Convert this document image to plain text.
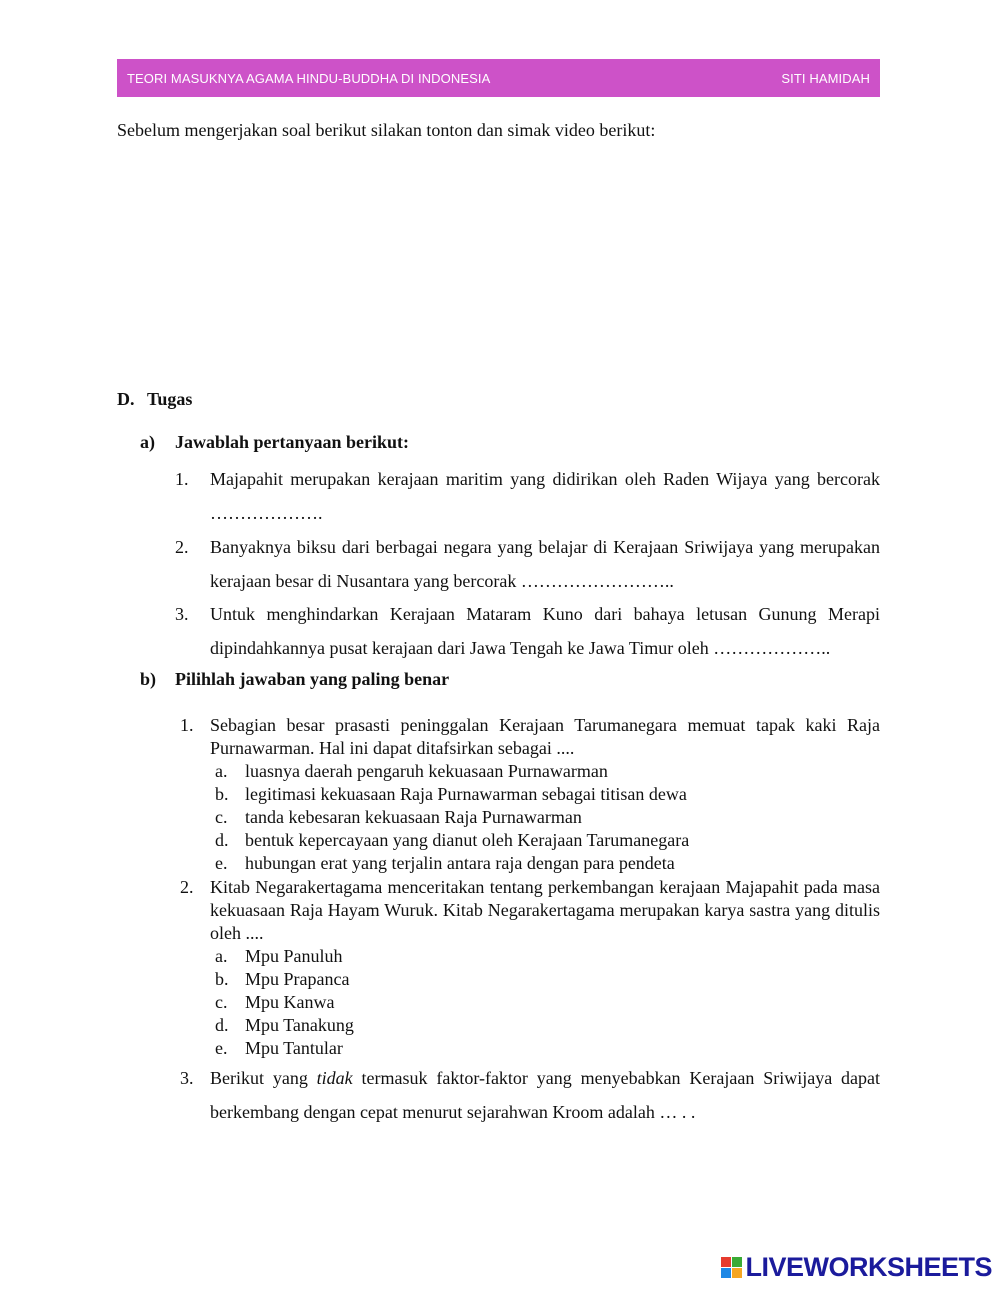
TEORI MASUKNYA AGAMA HINDU-BUDDHA DI INDONESIA	SITI HAMIDAH
Sebelum mengerjakan soal berikut silakan tonton dan simak video berikut:
D. Tugas
a) Jawablah pertanyaan berikut:
1. Majapahit merupakan kerajaan maritim yang didirikan oleh Raden Wijaya yang bercorak ……………….
2. Banyaknya biksu dari berbagai negara yang belajar di Kerajaan Sriwijaya yang merupakan kerajaan besar di Nusantara yang bercorak ……………………..
3. Untuk menghindarkan Kerajaan Mataram Kuno dari bahaya letusan Gunung Merapi dipindahkannya pusat kerajaan dari Jawa Tengah ke Jawa Timur oleh ………………..
b) Pilihlah jawaban yang paling benar
1. Sebagian besar prasasti peninggalan Kerajaan Tarumanegara memuat tapak kaki Raja Purnawarman. Hal ini dapat ditafsirkan sebagai ....
a. luasnya daerah pengaruh kekuasaan Purnawarman
b. legitimasi kekuasaan Raja Purnawarman sebagai titisan dewa
c. tanda kebesaran kekuasaan Raja Purnawarman
d. bentuk kepercayaan yang dianut oleh Kerajaan Tarumanegara
e. hubungan erat yang terjalin antara raja dengan para pendeta
2. Kitab Negarakertagama menceritakan tentang perkembangan kerajaan Majapahit pada masa kekuasaan Raja Hayam Wuruk. Kitab Negarakertagama merupakan karya sastra yang ditulis oleh ....
a. Mpu Panuluh
b. Mpu Prapanca
c. Mpu Kanwa
d. Mpu Tanakung
e. Mpu Tantular
3. Berikut yang tidak termasuk faktor-faktor yang menyebabkan Kerajaan Sriwijaya dapat berkembang dengan cepat menurut sejarahwan Kroom adalah … . .
LIVEWORKSHEETS
